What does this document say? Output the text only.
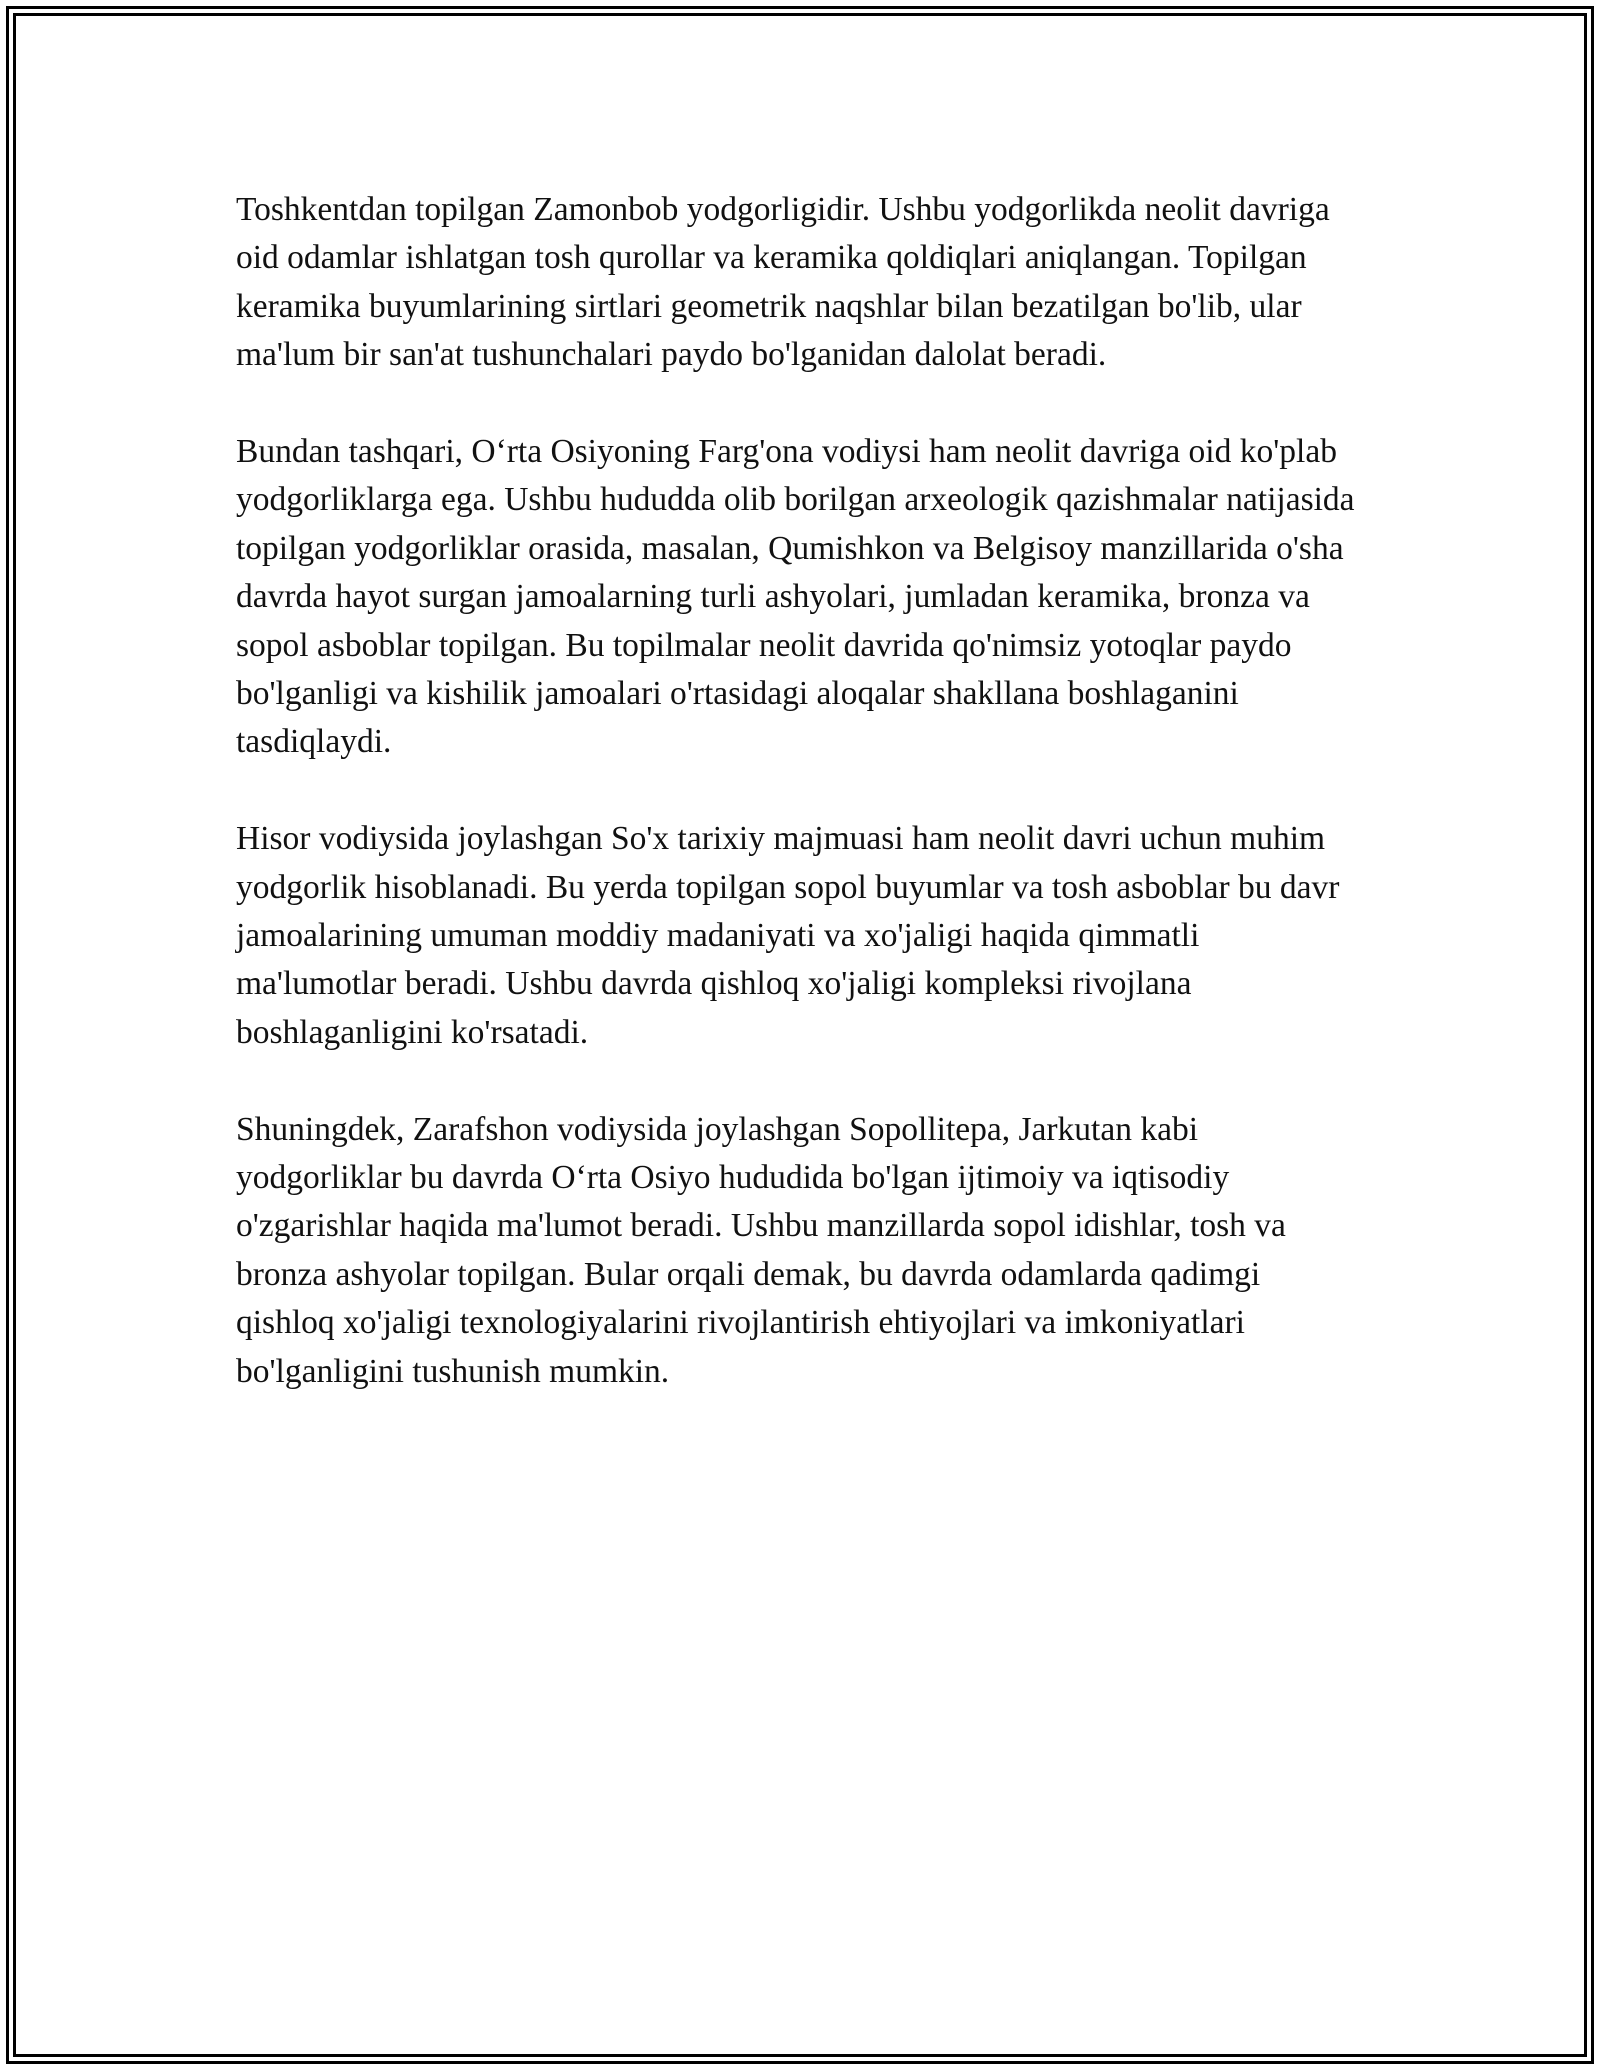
Toshkentdan topilgan Zamonbob yodgorligidir. Ushbu yodgorlikda neolit davriga oid odamlar ishlatgan tosh qurollar va keramika qoldiqlari aniqlangan. Topilgan keramika buyumlarining sirtlari geometrik naqshlar bilan bezatilgan bo'lib, ular ma'lum bir san'at tushunchalari paydo bo'lganidan dalolat beradi.

Bundan tashqari, O‘rta Osiyoning Farg'ona vodiysi ham neolit davriga oid ko'plab yodgorliklarga ega. Ushbu hududda olib borilgan arxeologik qazishmalar natijasida topilgan yodgorliklar orasida, masalan, Qumishkon va Belgisoy manzillarida o'sha davrda hayot surgan jamoalarning turli ashyolari, jumladan keramika, bronza va sopol asboblar topilgan. Bu topilmalar neolit davrida qo'nimsiz yotoqlar paydo bo'lganligi va kishilik jamoalari o'rtasidagi aloqalar shakllana boshlaganini tasdiqlaydi.

Hisor vodiysida joylashgan So'x tarixiy majmuasi ham neolit davri uchun muhim yodgorlik hisoblanadi. Bu yerda topilgan sopol buyumlar va tosh asboblar bu davr jamoalarining umuman moddiy madaniyati va xo'jaligi haqida qimmatli ma'lumotlar beradi. Ushbu davrda qishloq xo'jaligi kompleksi rivojlana boshlaganligini ko'rsatadi.

Shuningdek, Zarafshon vodiysida joylashgan Sopollitepa, Jarkutan kabi yodgorliklar bu davrda O‘rta Osiyo hududida bo'lgan ijtimoiy va iqtisodiy o'zgarishlar haqida ma'lumot beradi. Ushbu manzillarda sopol idishlar, tosh va bronza ashyolar topilgan. Bular orqali demak, bu davrda odamlarda qadimgi qishloq xo'jaligi texnologiyalarini rivojlantirish ehtiyojlari va imkoniyatlari bo'lganligini tushunish mumkin.
